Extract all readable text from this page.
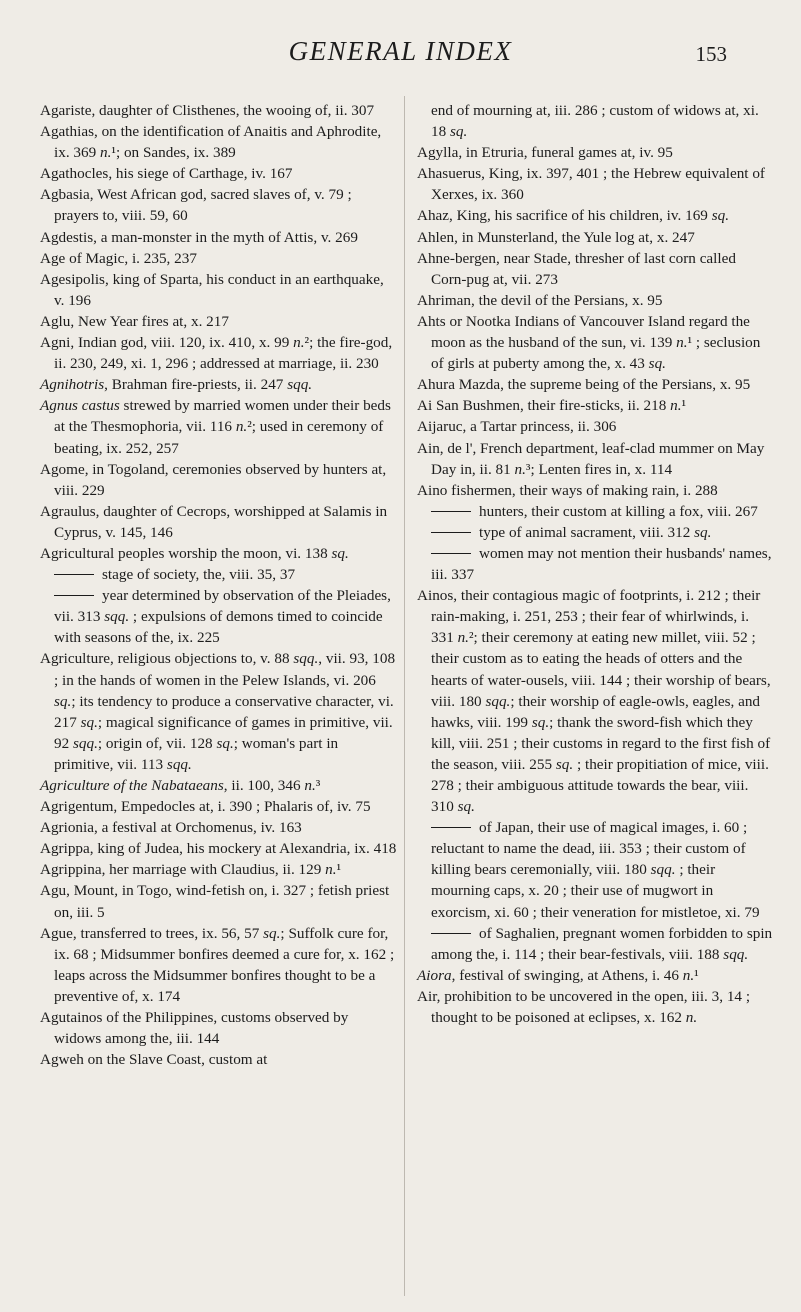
GENERAL INDEX	153
Agariste, daughter of Clisthenes, the wooing of, ii. 307
Agathias, on the identification of Anaitis and Aphrodite, ix. 369 n.¹; on Sandes, ix. 389
Agathocles, his siege of Carthage, iv. 167
Agbasia, West African god, sacred slaves of, v. 79 ; prayers to, viii. 59, 60
Agdestis, a man-monster in the myth of Attis, v. 269
Age of Magic, i. 235, 237
Agesipolis, king of Sparta, his conduct in an earthquake, v. 196
Aglu, New Year fires at, x. 217
Agni, Indian god, viii. 120, ix. 410, x. 99 n.²; the fire-god, ii. 230, 249, xi. 1, 296 ; addressed at marriage, ii. 230
Agnihotris, Brahman fire-priests, ii. 247 sqq.
Agnus castus strewed by married women under their beds at the Thesmophoria, vii. 116 n.²; used in ceremony of beating, ix. 252, 257
Agome, in Togoland, ceremonies observed by hunters at, viii. 229
Agraulus, daughter of Cecrops, worshipped at Salamis in Cyprus, v. 145, 146
Agricultural peoples worship the moon, vi. 138 sq.
stage of society, the, viii. 35, 37
year determined by observation of the Pleiades, vii. 313 sqq. ; expulsions of demons timed to coincide with seasons of the, ix. 225
Agriculture, religious objections to, v. 88 sqq., vii. 93, 108 ; in the hands of women in the Pelew Islands, vi. 206 sq.; its tendency to produce a conservative character, vi. 217 sq.; magical significance of games in primitive, vii. 92 sqq.; origin of, vii. 128 sq.; woman's part in primitive, vii. 113 sqq.
Agriculture of the Nabataeans, ii. 100, 346 n.³
Agrigentum, Empedocles at, i. 390 ; Phalaris of, iv. 75
Agrionia, a festival at Orchomenus, iv. 163
Agrippa, king of Judea, his mockery at Alexandria, ix. 418
Agrippina, her marriage with Claudius, ii. 129 n.¹
Agu, Mount, in Togo, wind-fetish on, i. 327 ; fetish priest on, iii. 5
Ague, transferred to trees, ix. 56, 57 sq.; Suffolk cure for, ix. 68 ; Midsummer bonfires deemed a cure for, x. 162 ; leaps across the Midsummer bonfires thought to be a preventive of, x. 174
Agutainos of the Philippines, customs observed by widows among the, iii. 144
Agweh on the Slave Coast, custom at
end of mourning at, iii. 286 ; custom of widows at, xi. 18 sq.
Agylla, in Etruria, funeral games at, iv. 95
Ahasuerus, King, ix. 397, 401 ; the Hebrew equivalent of Xerxes, ix. 360
Ahaz, King, his sacrifice of his children, iv. 169 sq.
Ahlen, in Munsterland, the Yule log at, x. 247
Ahne-bergen, near Stade, thresher of last corn called Corn-pug at, vii. 273
Ahriman, the devil of the Persians, x. 95
Ahts or Nootka Indians of Vancouver Island regard the moon as the husband of the sun, vi. 139 n.¹ ; seclusion of girls at puberty among the, x. 43 sq.
Ahura Mazda, the supreme being of the Persians, x. 95
Ai San Bushmen, their fire-sticks, ii. 218 n.¹
Aijaruc, a Tartar princess, ii. 306
Ain, de l', French department, leaf-clad mummer on May Day in, ii. 81 n.³; Lenten fires in, x. 114
Aino fishermen, their ways of making rain, i. 288
hunters, their custom at killing a fox, viii. 267
type of animal sacrament, viii. 312 sq.
women may not mention their husbands' names, iii. 337
Ainos, their contagious magic of footprints, i. 212 ; their rain-making, i. 251, 253 ; their fear of whirlwinds, i. 331 n.²; their ceremony at eating new millet, viii. 52 ; their custom as to eating the heads of otters and the hearts of water-ousels, viii. 144 ; their worship of bears, viii. 180 sqq.; their worship of eagle-owls, eagles, and hawks, viii. 199 sq.; thank the sword-fish which they kill, viii. 251 ; their customs in regard to the first fish of the season, viii. 255 sq. ; their propitiation of mice, viii. 278 ; their ambiguous attitude towards the bear, viii. 310 sq.
of Japan, their use of magical images, i. 60 ; reluctant to name the dead, iii. 353 ; their custom of killing bears ceremonially, viii. 180 sqq. ; their mourning caps, x. 20 ; their use of mugwort in exorcism, xi. 60 ; their veneration for mistletoe, xi. 79
of Saghalien, pregnant women forbidden to spin among the, i. 114 ; their bear-festivals, viii. 188 sqq.
Aiora, festival of swinging, at Athens, i. 46 n.¹
Air, prohibition to be uncovered in the open, iii. 3, 14 ; thought to be poisoned at eclipses, x. 162 n.
